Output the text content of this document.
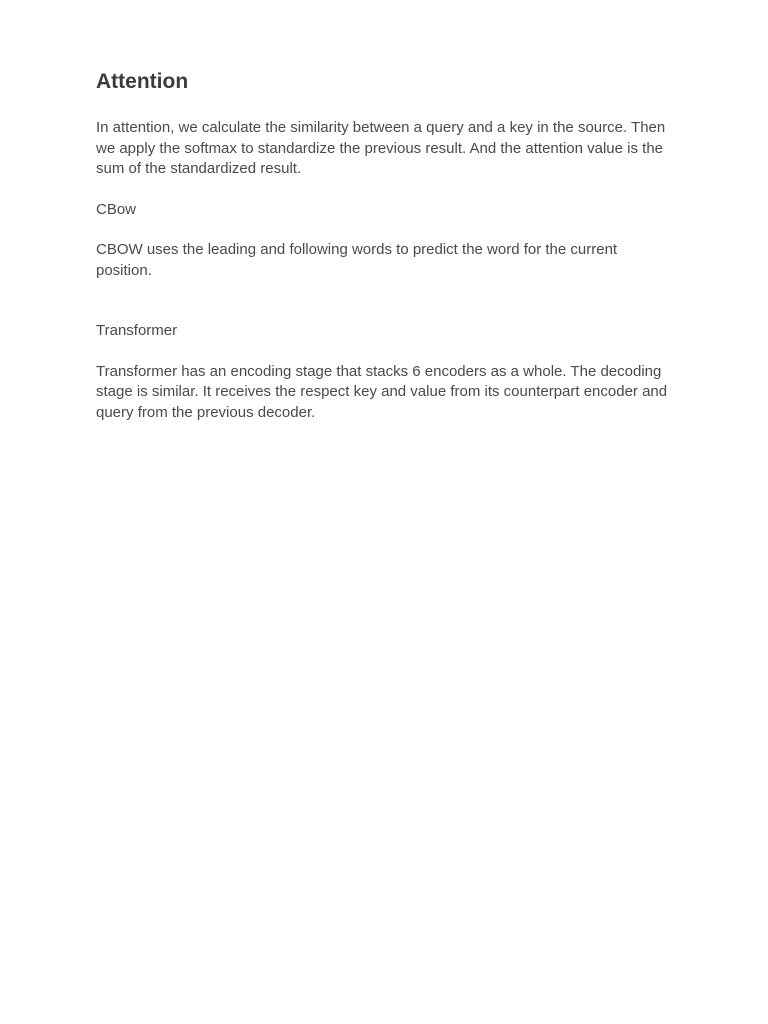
Attention

In attention, we calculate the similarity between a query and a key in the source. Then we apply the softmax to standardize the previous result. And the attention value is the sum of the standardized result.

CBow

CBOW uses the leading and following words to predict the word for the current position.

Transformer

Transformer has an encoding stage that stacks 6 encoders as a whole. The decoding stage is similar. It receives the respect key and value from its counterpart encoder and query from the previous decoder.
